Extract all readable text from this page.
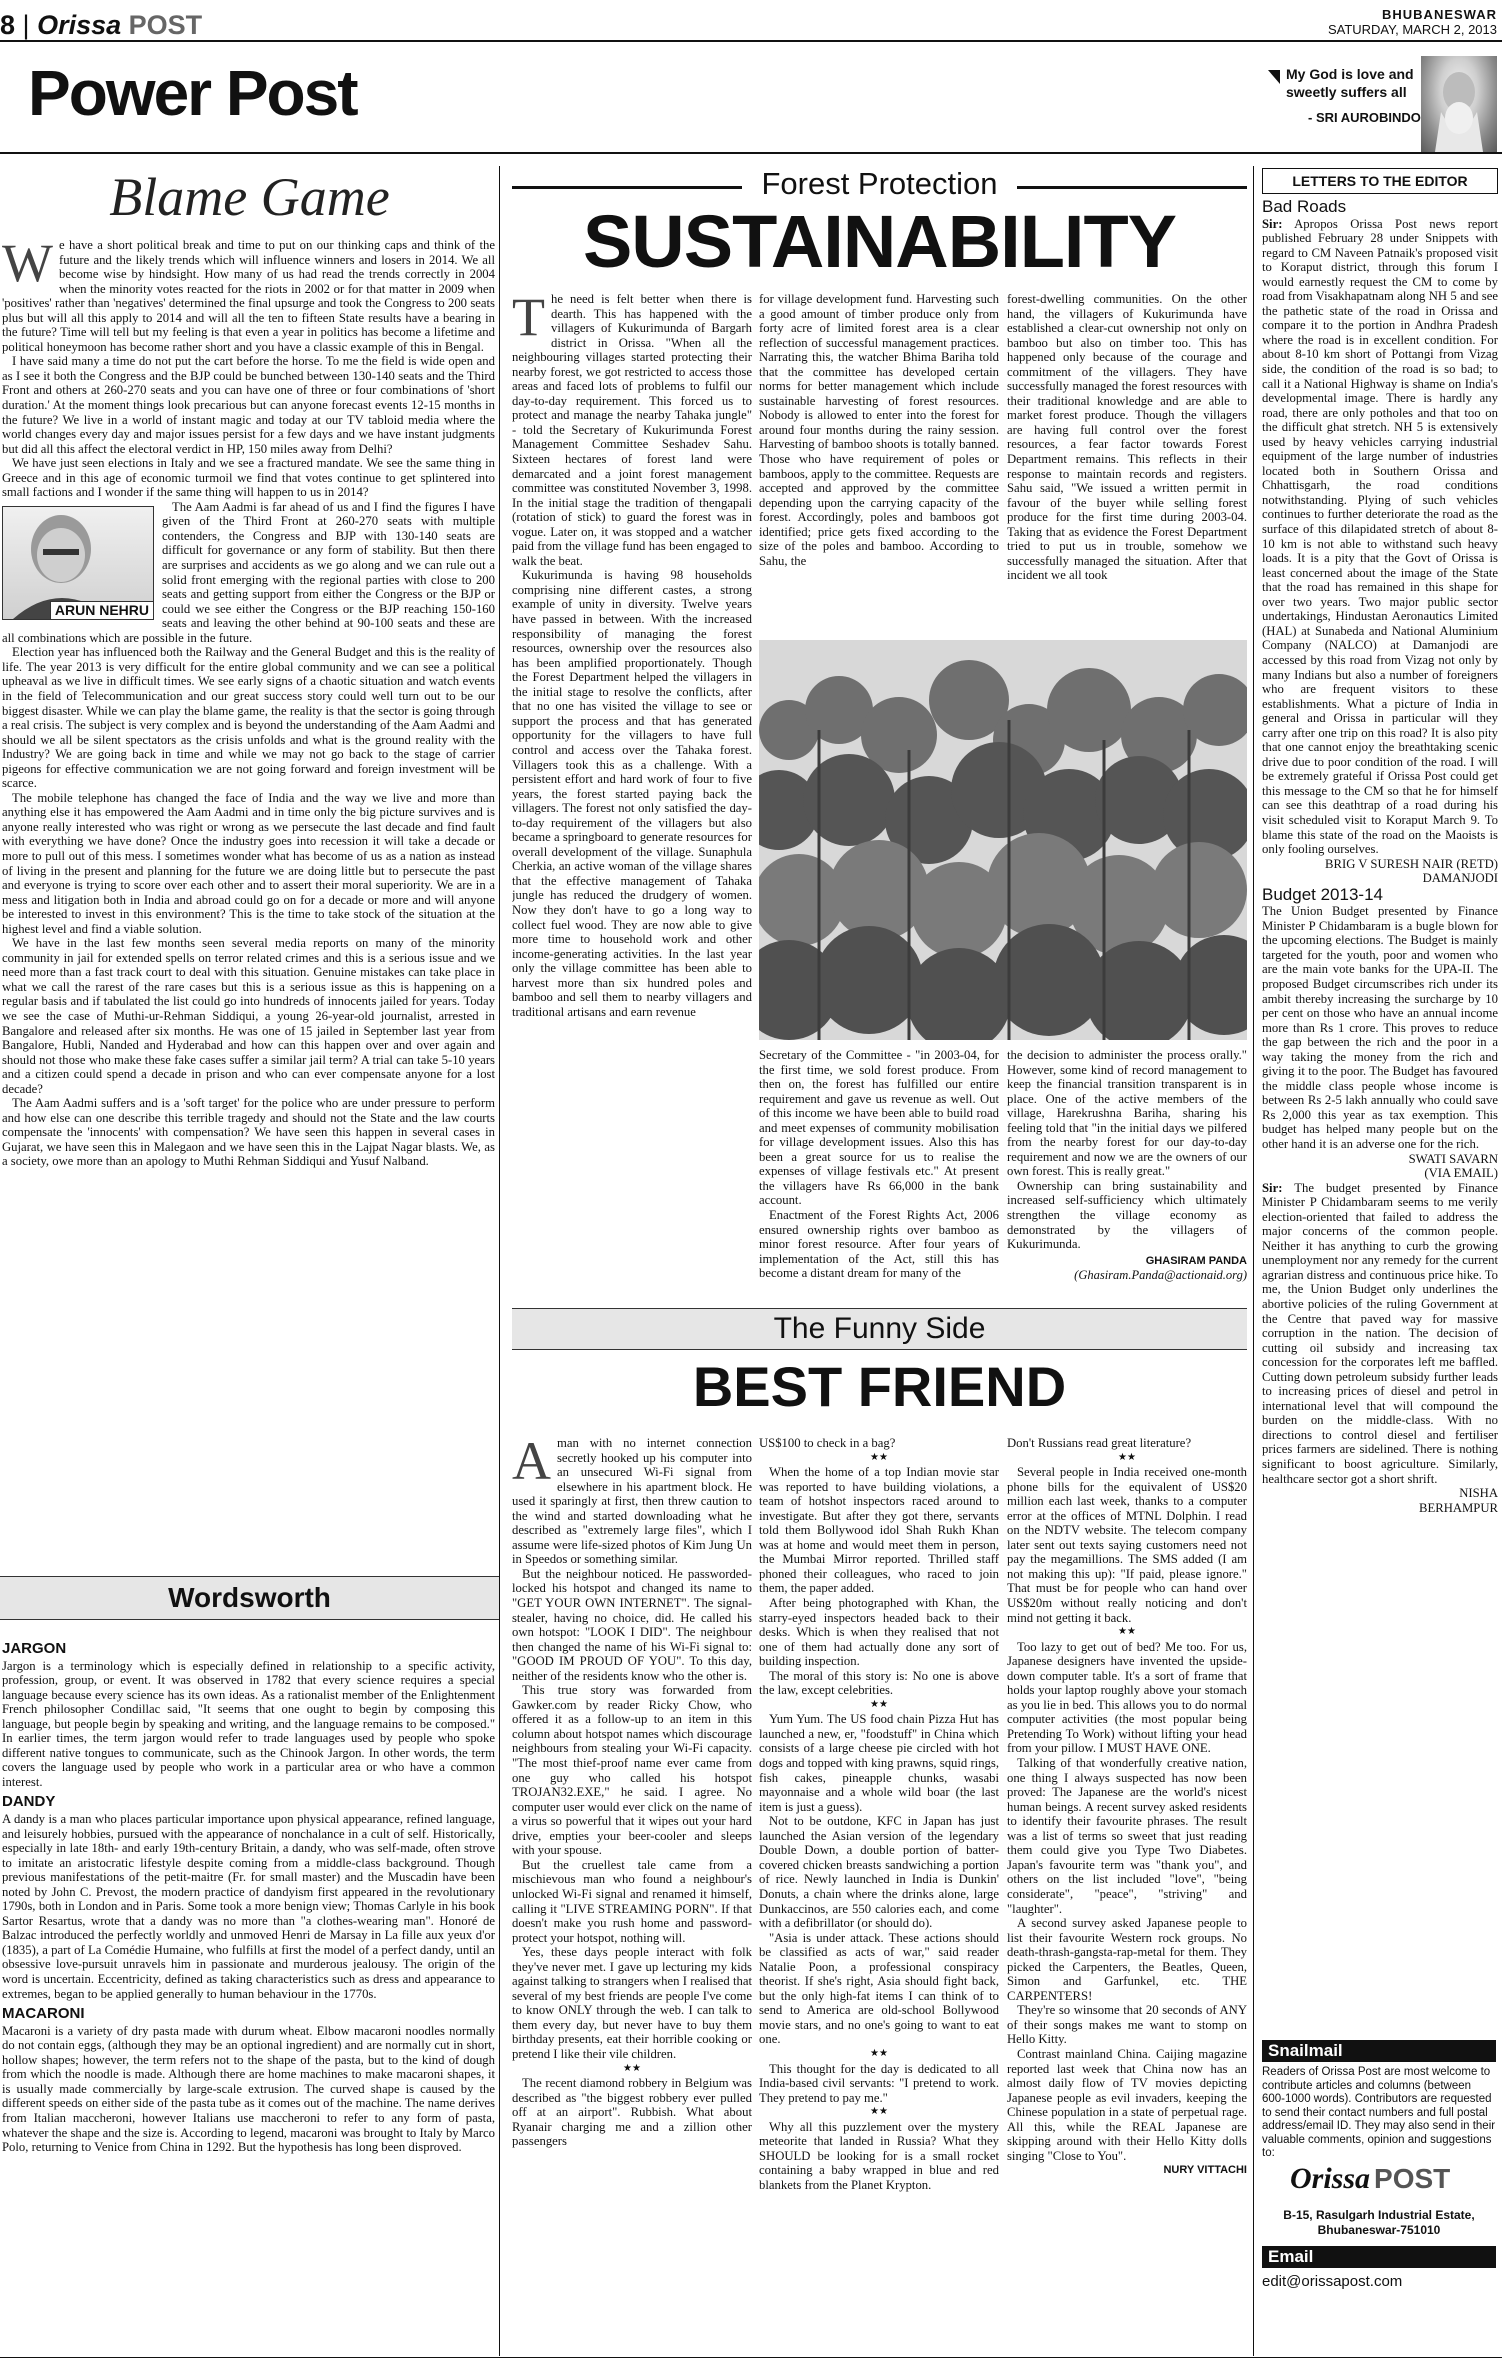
8 | Orissa POST	BHUBANESWAR
SATURDAY, MARCH 2, 2013
Power Post	My God is love and
sweetly suffers all
- SRI AUROBINDO
Blame Game

We have a short political break and time to put on our thinking caps and think of the future and the likely trends which will influence winners and losers in 2014. We all become wise by hindsight. How many of us had read the trends correctly in 2004 when the minority votes reacted for the riots in 2002 or for that matter in 2009 when 'positives' rather than 'negatives' determined the final upsurge and took the Congress to 200 seats plus but will all this apply to 2014 and will all the ten to fifteen State results have a bearing in the future? Time will tell but my feeling is that even a year in politics has become a lifetime and political honeymoon has become rather short and you have a classic example of this in Bengal.

I have said many a time do not put the cart before the horse. To me the field is wide open and as I see it both the Congress and the BJP could be bunched between 130-140 seats and the Third Front and others at 260-270 seats and you can have one of three or four combinations of 'short duration.' At the moment things look precarious but can anyone forecast events 12-15 months in the future? We live in a world of instant magic and today at our TV tabloid media where the world changes every day and major issues persist for a few days and we have instant judgments but did all this affect the electoral verdict in HP, 150 miles away from Delhi?

We have just seen elections in Italy and we see a fractured mandate. We see the same thing in Greece and in this age of economic turmoil we find that votes continue to get splintered into small factions and I wonder if the same thing will happen to us in 2014?

ARUN NEHRU

The Aam Aadmi is far ahead of us and I find the figures I have given of the Third Front at 260-270 seats with multiple contenders, the Congress and BJP with 130-140 seats are difficult for governance or any form of stability. But then there are surprises and accidents as we go along and we can rule out a solid front emerging with the regional parties with close to 200 seats and getting support from either the Congress or the BJP or could we see either the Congress or the BJP reaching 150-160 seats and leaving the other behind at 90-100 seats and these are all combinations which are possible in the future.

Election year has influenced both the Railway and the General Budget and this is the reality of life. The year 2013 is very difficult for the entire global community and we can see a political upheaval as we live in difficult times. We see early signs of a chaotic situation and watch events in the field of Telecommunication and our great success story could well turn out to be our biggest disaster. While we can play the blame game, the reality is that the sector is going through a real crisis. The subject is very complex and is beyond the understanding of the Aam Aadmi and should we all be silent spectators as the crisis unfolds and what is the ground reality with the Industry? We are going back in time and while we may not go back to the stage of carrier pigeons for effective communication we are not going forward and foreign investment will be scarce.

The mobile telephone has changed the face of India and the way we live and more than anything else it has empowered the Aam Aadmi and in time only the big picture survives and is anyone really interested who was right or wrong as we persecute the last decade and find fault with everything we have done? Once the industry goes into recession it will take a decade or more to pull out of this mess. I sometimes wonder what has become of us as a nation as instead of living in the present and planning for the future we are doing little but to persecute the past and everyone is trying to score over each other and to assert their moral superiority. We are in a mess and litigation both in India and abroad could go on for a decade or more and will anyone be interested to invest in this environment? This is the time to take stock of the situation at the highest level and find a viable solution.

We have in the last few months seen several media reports on many of the minority community in jail for extended spells on terror related crimes and this is a serious issue and we need more than a fast track court to deal with this situation. Genuine mistakes can take place in what we call the rarest of the rare cases but this is a serious issue as this is happening on a regular basis and if tabulated the list could go into hundreds of innocents jailed for years. Today we see the case of Muthi-ur-Rehman Siddiqui, a young 26-year-old journalist, arrested in Bangalore and released after six months. He was one of 15 jailed in September last year from Bangalore, Hubli, Nanded and Hyderabad and how can this happen over and over again and should not those who make these fake cases suffer a similar jail term? A trial can take 5-10 years and a citizen could spend a decade in prison and who can ever compensate anyone for a lost decade?

The Aam Aadmi suffers and is a 'soft target' for the police who are under pressure to perform and how else can one describe this terrible tragedy and should not the State and the law courts compensate the 'innocents' with compensation? We have seen this happen in several cases in Gujarat, we have seen this in Malegaon and we have seen this in the Lajpat Nagar blasts. We, as a society, owe more than an apology to Muthi Rehman Siddiqui and Yusuf Nalband.

Wordsworth
JARGON

Jargon is a terminology which is especially defined in relationship to a specific activity, profession, group, or event. It was observed in 1782 that every science requires a special language because every science has its own ideas. As a rationalist member of the Enlightenment French philosopher Condillac said, "It seems that one ought to begin by composing this language, but people begin by speaking and writing, and the language remains to be composed." In earlier times, the term jargon would refer to trade languages used by people who spoke different native tongues to communicate, such as the Chinook Jargon. In other words, the term covers the language used by people who work in a particular area or who have a common interest.

DANDY

A dandy is a man who places particular importance upon physical appearance, refined language, and leisurely hobbies, pursued with the appearance of nonchalance in a cult of self. Historically, especially in late 18th- and early 19th-century Britain, a dandy, who was self-made, often strove to imitate an aristocratic lifestyle despite coming from a middle-class background. Though previous manifestations of the petit-maitre (Fr. for small master) and the Muscadin have been noted by John C. Prevost, the modern practice of dandyism first appeared in the revolutionary 1790s, both in London and in Paris. Some took a more benign view; Thomas Carlyle in his book Sartor Resartus, wrote that a dandy was no more than "a clothes-wearing man". Honoré de Balzac introduced the perfectly worldly and unmoved Henri de Marsay in La fille aux yeux d'or (1835), a part of La Comédie Humaine, who fulfills at first the model of a perfect dandy, until an obsessive love-pursuit unravels him in passionate and murderous jealousy. The origin of the word is uncertain. Eccentricity, defined as taking characteristics such as dress and appearance to extremes, began to be applied generally to human behaviour in the 1770s.

MACARONI

Macaroni is a variety of dry pasta made with durum wheat. Elbow macaroni noodles normally do not contain eggs, (although they may be an optional ingredient) and are normally cut in short, hollow shapes; however, the term refers not to the shape of the pasta, but to the kind of dough from which the noodle is made. Although there are home machines to make macaroni shapes, it is usually made commercially by large-scale extrusion. The curved shape is caused by the different speeds on either side of the pasta tube as it comes out of the machine. The name derives from Italian maccheroni, however Italians use maccheroni to refer to any form of pasta, whatever the shape and the size is. According to legend, macaroni was brought to Italy by Marco Polo, returning to Venice from China in 1292. But the hypothesis has long been disproved.

Forest Protection
SUSTAINABILITY

The need is felt better when there is dearth. This has happened with the villagers of Kukurimunda of Bargarh district in Orissa. "When all the neighbouring villages started protecting their nearby forest, we got restricted to access those areas and faced lots of problems to fulfil our day-to-day requirement. This forced us to protect and manage the nearby Tahaka jungle" - told the Secretary of Kukurimunda Forest Management Committee Seshadev Sahu. Sixteen hectares of forest land were demarcated and a joint forest management committee was constituted November 3, 1998. In the initial stage the tradition of thengapali (rotation of stick) to guard the forest was in vogue. Later on, it was stopped and a watcher paid from the village fund has been engaged to walk the beat.

Kukurimunda is having 98 households comprising nine different castes, a strong example of unity in diversity. Twelve years have passed in between. With the increased responsibility of managing the forest resources, ownership over the resources also has been amplified proportionately. Though the Forest Department helped the villagers in the initial stage to resolve the conflicts, after that no one has visited the village to see or support the process and that has generated opportunity for the villagers to have full control and access over the Tahaka forest. Villagers took this as a challenge. With a persistent effort and hard work of four to five years, the forest started paying back the villagers. The forest not only satisfied the day-to-day requirement of the villagers but also became a springboard to generate resources for overall development of the village. Sunaphula Cherkia, an active woman of the village shares that the effective management of Tahaka jungle has reduced the drudgery of women. Now they don't have to go a long way to collect fuel wood. They are now able to give more time to household work and other income-generating activities. In the last year only the village committee has been able to harvest more than six hundred poles and bamboo and sell them to nearby villagers and traditional artisans and earn revenue

for village development fund. Harvesting such a good amount of timber produce only from forty acre of limited forest area is a clear reflection of successful management practices. Narrating this, the watcher Bhima Bariha told that the committee has developed certain norms for better management which include sustainable harvesting of forest resources. Nobody is allowed to enter into the forest for around four months during the rainy session. Harvesting of bamboo shoots is totally banned. Those who have requirement of poles or bamboos, apply to the committee. Requests are accepted and approved by the committee depending upon the carrying capacity of the forest. Accordingly, poles and bamboos got identified; price gets fixed according to the size of the poles and bamboo. According to Sahu, the

forest-dwelling communities. On the other hand, the villagers of Kukurimunda have established a clear-cut ownership not only on bamboo but also on timber too. This has happened only because of the courage and commitment of the villagers. They have successfully managed the forest resources with their traditional knowledge and are able to market forest produce. Though the villagers are having full control over the forest resources, a fear factor towards Forest Department remains. This reflects in their response to maintain records and registers. Sahu said, "We issued a written permit in favour of the buyer while selling forest produce for the first time during 2003-04. Taking that as evidence the Forest Department tried to put us in trouble, somehow we successfully managed the situation. After that incident we all took

Secretary of the Committee - "in 2003-04, for the first time, we sold forest produce. From then on, the forest has fulfilled our entire requirement and gave us revenue as well. Out of this income we have been able to build road and meet expenses of community mobilisation for village development issues. Also this has been a great source for us to realise the expenses of village festivals etc." At present the villagers have Rs 66,000 in the bank account.

Enactment of the Forest Rights Act, 2006 ensured ownership rights over bamboo as minor forest resource. After four years of implementation of the Act, still this has become a distant dream for many of the

the decision to administer the process orally." However, some kind of record management to keep the financial transition transparent is in place. One of the active members of the village, Harekrushna Bariha, sharing his feeling told that "in the initial days we pilfered from the nearby forest for our day-to-day requirement and now we are the owners of our own forest. This is really great."

Ownership can bring sustainability and increased self-sufficiency which ultimately strengthen the village economy as demonstrated by the villagers of Kukurimunda.

GHASIRAM PANDA
(Ghasiram.Panda@actionaid.org)
The Funny Side
BEST FRIEND

Aman with no internet connection secretly hooked up his computer into an unsecured Wi-Fi signal from elsewhere in his apartment block. He used it sparingly at first, then threw caution to the wind and started downloading what he described as "extremely large files", which I assume were life-sized photos of Kim Jung Un in Speedos or something similar.

But the neighbour noticed. He passworded-locked his hotspot and changed its name to "GET YOUR OWN INTERNET". The signal-stealer, having no choice, did. He called his own hotspot: "LOOK I DID". The neighbour then changed the name of his Wi-Fi signal to: "GOOD IM PROUD OF YOU". To this day, neither of the residents know who the other is.

This true story was forwarded from Gawker.com by reader Ricky Chow, who offered it as a follow-up to an item in this column about hotspot names which discourage neighbours from stealing your Wi-Fi capacity. "The most thief-proof name ever came from one guy who called his hotspot TROJAN32.EXE," he said. I agree. No computer user would ever click on the name of a virus so powerful that it wipes out your hard drive, empties your beer-cooler and sleeps with your spouse.

But the cruellest tale came from a mischievous man who found a neighbour's unlocked Wi-Fi signal and renamed it himself, calling it "LIVE STREAMING PORN". If that doesn't make you rush home and password-protect your hotspot, nothing will.

Yes, these days people interact with folk they've never met. I gave up lecturing my kids against talking to strangers when I realised that several of my best friends are people I've come to know ONLY through the web. I can talk to them every day, but never have to buy them birthday presents, eat their horrible cooking or pretend I like their vile children.

★★

The recent diamond robbery in Belgium was described as "the biggest robbery ever pulled off at an airport". Rubbish. What about Ryanair charging me and a zillion other passengers

US$100 to check in a bag?

★★

When the home of a top Indian movie star was reported to have building violations, a team of hotshot inspectors raced around to investigate. But after they got there, servants told them Bollywood idol Shah Rukh Khan was at home and would meet them in person, the Mumbai Mirror reported. Thrilled staff phoned their colleagues, who raced to join them, the paper added.

After being photographed with Khan, the starry-eyed inspectors headed back to their desks. Which is when they realised that not one of them had actually done any sort of building inspection.

The moral of this story is: No one is above the law, except celebrities.

★★

Yum Yum. The US food chain Pizza Hut has launched a new, er, "foodstuff" in China which consists of a large cheese pie circled with hot dogs and topped with king prawns, squid rings, fish cakes, pineapple chunks, wasabi mayonnaise and a whole wild boar (the last item is just a guess).

Not to be outdone, KFC in Japan has just launched the Asian version of the legendary Double Down, a double portion of batter-covered chicken breasts sandwiching a portion of rice. Newly launched in India is Dunkin' Donuts, a chain where the drinks alone, large Dunkaccinos, are 550 calories each, and come with a defibrillator (or should do).

"Asia is under attack. These actions should be classified as acts of war," said reader Natalie Poon, a professional conspiracy theorist. If she's right, Asia should fight back, but the only high-fat items I can think of to send to America are old-school Bollywood movie stars, and no one's going to want to eat one.

★★

This thought for the day is dedicated to all India-based civil servants: "I pretend to work. They pretend to pay me."

★★

Why all this puzzlement over the mystery meteorite that landed in Russia? What they SHOULD be looking for is a small rocket containing a baby wrapped in blue and red blankets from the Planet Krypton.

Don't Russians read great literature?

★★

Several people in India received one-month phone bills for the equivalent of US$20 million each last week, thanks to a computer error at the offices of MTNL Dolphin. I read on the NDTV website. The telecom company later sent out texts saying customers need not pay the megamillions. The SMS added (I am not making this up): "If paid, please ignore." That must be for people who can hand over US$20m without really noticing and don't mind not getting it back.

★★

Too lazy to get out of bed? Me too. For us, Japanese designers have invented the upside-down computer table. It's a sort of frame that holds your laptop roughly above your stomach as you lie in bed. This allows you to do normal computer activities (the most popular being Pretending To Work) without lifting your head from your pillow. I MUST HAVE ONE.

Talking of that wonderfully creative nation, one thing I always suspected has now been proved: The Japanese are the world's nicest human beings. A recent survey asked residents to identify their favourite phrases. The result was a list of terms so sweet that just reading them could give you Type Two Diabetes. Japan's favourite term was "thank you", and others on the list included "love", "being considerate", "peace", "striving" and "laughter".

A second survey asked Japanese people to list their favourite Western rock groups. No death-thrash-gangsta-rap-metal for them. They picked the Carpenters, the Beatles, Queen, Simon and Garfunkel, etc. THE CARPENTERS!

They're so winsome that 20 seconds of ANY of their songs makes me want to stomp on Hello Kitty.

Contrast mainland China. Caijing magazine reported last week that China now has an almost daily flow of TV movies depicting Japanese people as evil invaders, keeping the Chinese population in a state of perpetual rage. All this, while the REAL Japanese are skipping around with their Hello Kitty dolls singing "Close to You".

NURY VITTACHI
LETTERS TO THE EDITOR
Bad Roads

Sir: Apropos Orissa Post news report published February 28 under Snippets with regard to CM Naveen Patnaik's proposed visit to Koraput district, through this forum I would earnestly request the CM to come by road from Visakhapatnam along NH 5 and see the pathetic state of the road in Orissa and compare it to the portion in Andhra Pradesh where the road is in excellent condition. For about 8-10 km short of Pottangi from Vizag side, the condition of the road is so bad; to call it a National Highway is shame on India's developmental image. There is hardly any road, there are only potholes and that too on the difficult ghat stretch. NH 5 is extensively used by heavy vehicles carrying industrial equipment of the large number of industries located both in Southern Orissa and Chhattisgarh, the road conditions notwithstanding. Plying of such vehicles continues to further deteriorate the road as the surface of this dilapidated stretch of about 8-10 km is not able to withstand such heavy loads. It is a pity that the Govt of Orissa is least concerned about the image of the State that the road has remained in this shape for over two years. Two major public sector undertakings, Hindustan Aeronautics Limited (HAL) at Sunabeda and National Aluminium Company (NALCO) at Damanjodi are accessed by this road from Vizag not only by many Indians but also a number of foreigners who are frequent visitors to these establishments. What a picture of India in general and Orissa in particular will they carry after one trip on this road? It is also pity that one cannot enjoy the breathtaking scenic drive due to poor condition of the road. I will be extremely grateful if Orissa Post could get this message to the CM so that he for himself can see this deathtrap of a road during his visit scheduled visit to Koraput March 9. To blame this state of the road on the Maoists is only fooling ourselves.

BRIG V SURESH NAIR (RETD)
DAMANJODI
Budget 2013-14

The Union Budget presented by Finance Minister P Chidambaram is a bugle blown for the upcoming elections. The Budget is mainly targeted for the youth, poor and women who are the main vote banks for the UPA-II. The proposed Budget circumscribes rich under its ambit thereby increasing the surcharge by 10 per cent on those who have an annual income more than Rs 1 crore. This proves to reduce the gap between the rich and the poor in a way taking the money from the rich and giving it to the poor. The Budget has favoured the middle class people whose income is between Rs 2-5 lakh annually who could save Rs 2,000 this year as tax exemption. This budget has helped many people but on the other hand it is an adverse one for the rich.

SWATI SAVARN
(VIA EMAIL)

Sir: The budget presented by Finance Minister P Chidambaram seems to me verily election-oriented that failed to address the major concerns of the common people. Neither it has anything to curb the growing unemployment nor any remedy for the current agrarian distress and continuous price hike. To me, the Union Budget only underlines the abortive policies of the ruling Government at the Centre that paved way for massive corruption in the nation. The decision of cutting oil subsidy and increasing tax concession for the corporates left me baffled. Cutting down petroleum subsidy further leads to increasing prices of diesel and petrol in international level that will compound the burden on the middle-class. With no directions to control diesel and fertiliser prices farmers are sidelined. There is nothing significant to boost agriculture. Similarly, healthcare sector got a short shrift.

NISHA
BERHAMPUR
Snailmail
Readers of Orissa Post are most welcome to contribute articles and columns (between 600-1000 words). Contributors are requested to send their contact numbers and full postal address/email ID. They may also send in their valuable comments, opinion and suggestions to:
Orissa POST
B-15, Rasulgarh Industrial Estate,
Bhubaneswar-751010
Email
edit@orissapost.com
